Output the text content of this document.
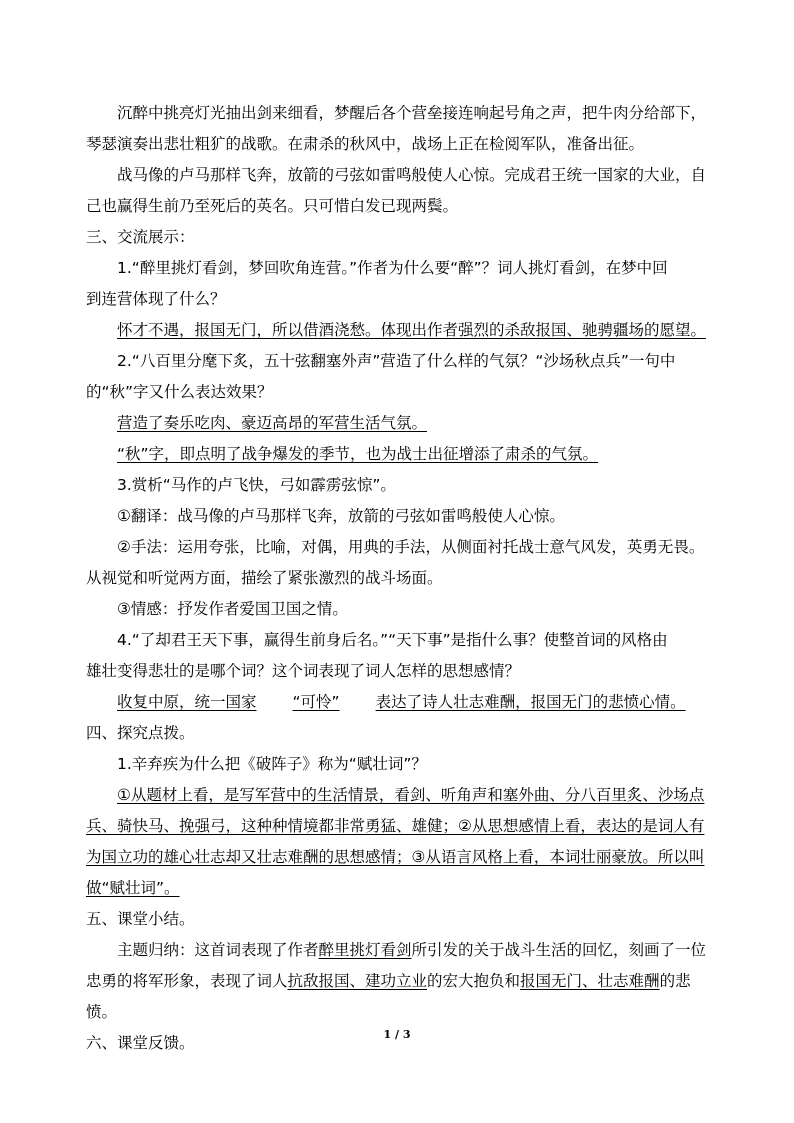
沉醉中挑亮灯光抽出剑来细看，梦醒后各个营垒接连响起号角之声，把牛肉分给部下，

琴瑟演奏出悲壮粗犷的战歌。在肃杀的秋风中，战场上正在检阅军队，准备出征。

战马像的卢马那样飞奔，放箭的弓弦如雷鸣般使人心惊。完成君王统一国家的大业，自

己也赢得生前乃至死后的英名。只可惜白发已现两鬓。

三、交流展示：

1.“醉里挑灯看剑，梦回吹角连营。”作者为什么要“醉”？词人挑灯看剑，在梦中回

到连营体现了什么？

怀才不遇，报国无门，所以借酒浇愁。体现出作者强烈的杀敌报国、驰骋疆场的愿望。

2.“八百里分麾下炙，五十弦翻塞外声”营造了什么样的气氛？“沙场秋点兵”一句中

的“秋”字又什么表达效果？

营造了奏乐吃肉、豪迈高昂的军营生活气氛。

“秋”字，即点明了战争爆发的季节，也为战士出征增添了肃杀的气氛。

3.赏析“马作的卢飞快，弓如霹雳弦惊”。

①翻译：战马像的卢马那样飞奔，放箭的弓弦如雷鸣般使人心惊。

②手法：运用夸张，比喻，对偶，用典的手法，从侧面衬托战士意气风发，英勇无畏。

从视觉和听觉两方面，描绘了紧张激烈的战斗场面。

③情感：抒发作者爱国卫国之情。

4.“了却君王天下事，赢得生前身后名。”“天下事”是指什么事？使整首词的风格由

雄壮变得悲壮的是哪个词？这个词表现了词人怎样的思想感情？

收复中原，统一国家 “可怜” 表达了诗人壮志难酬，报国无门的悲愤心情。

四、探究点拨。

1.辛弃疾为什么把《破阵子》称为“赋壮词”？

①从题材上看，是写军营中的生活情景，看剑、听角声和塞外曲、分八百里炙、沙场点

兵、骑快马、挽强弓，这种种情境都非常勇猛、雄健；②从思想感情上看，表达的是词人有

为国立功的雄心壮志却又壮志难酬的思想感情；③从语言风格上看，本词壮丽豪放。所以叫

做“赋壮词”。

五、课堂小结。

主题归纳：这首词表现了作者醉里挑灯看剑所引发的关于战斗生活的回忆，刻画了一位

忠勇的将军形象，表现了词人抗敌报国、建功立业的宏大抱负和报国无门、壮志难酬的悲

愤。

六、课堂反馈。	1 / 3
